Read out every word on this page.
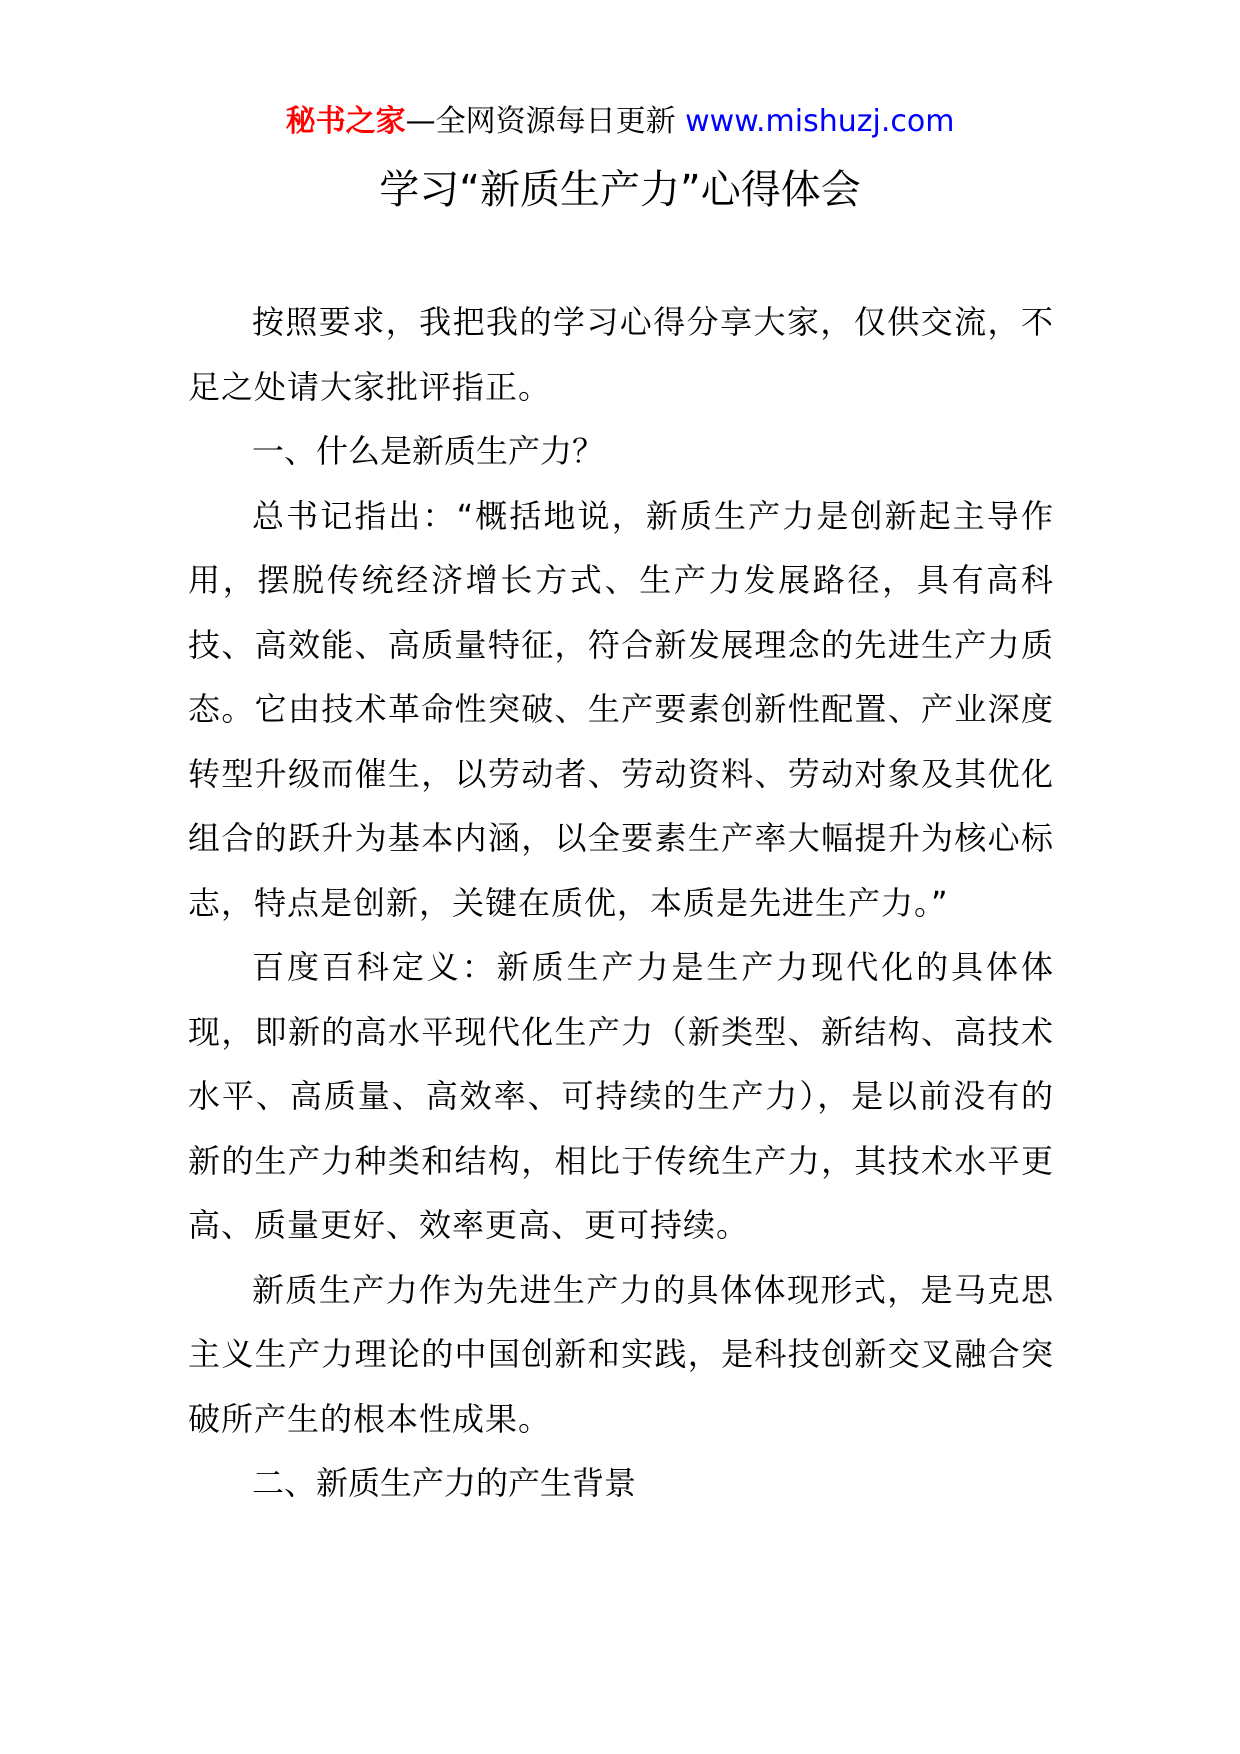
秘书之家—全网资源每日更新 www.mishuzj.com
学习“新质生产力”心得体会

按照要求，我把我的学习心得分享大家，仅供交流，不足之处请大家批评指正。

一、什么是新质生产力？

总书记指出：“概括地说，新质生产力是创新起主导作用，摆脱传统经济增长方式、生产力发展路径，具有高科技、高效能、高质量特征，符合新发展理念的先进生产力质态。它由技术革命性突破、生产要素创新性配置、产业深度转型升级而催生，以劳动者、劳动资料、劳动对象及其优化组合的跃升为基本内涵，以全要素生产率大幅提升为核心标志，特点是创新，关键在质优，本质是先进生产力。”

百度百科定义：新质生产力是生产力现代化的具体体现，即新的高水平现代化生产力（新类型、新结构、高技术水平、高质量、高效率、可持续的生产力），是以前没有的新的生产力种类和结构，相比于传统生产力，其技术水平更高、质量更好、效率更高、更可持续。

新质生产力作为先进生产力的具体体现形式，是马克思主义生产力理论的中国创新和实践，是科技创新交叉融合突破所产生的根本性成果。

二、新质生产力的产生背景
